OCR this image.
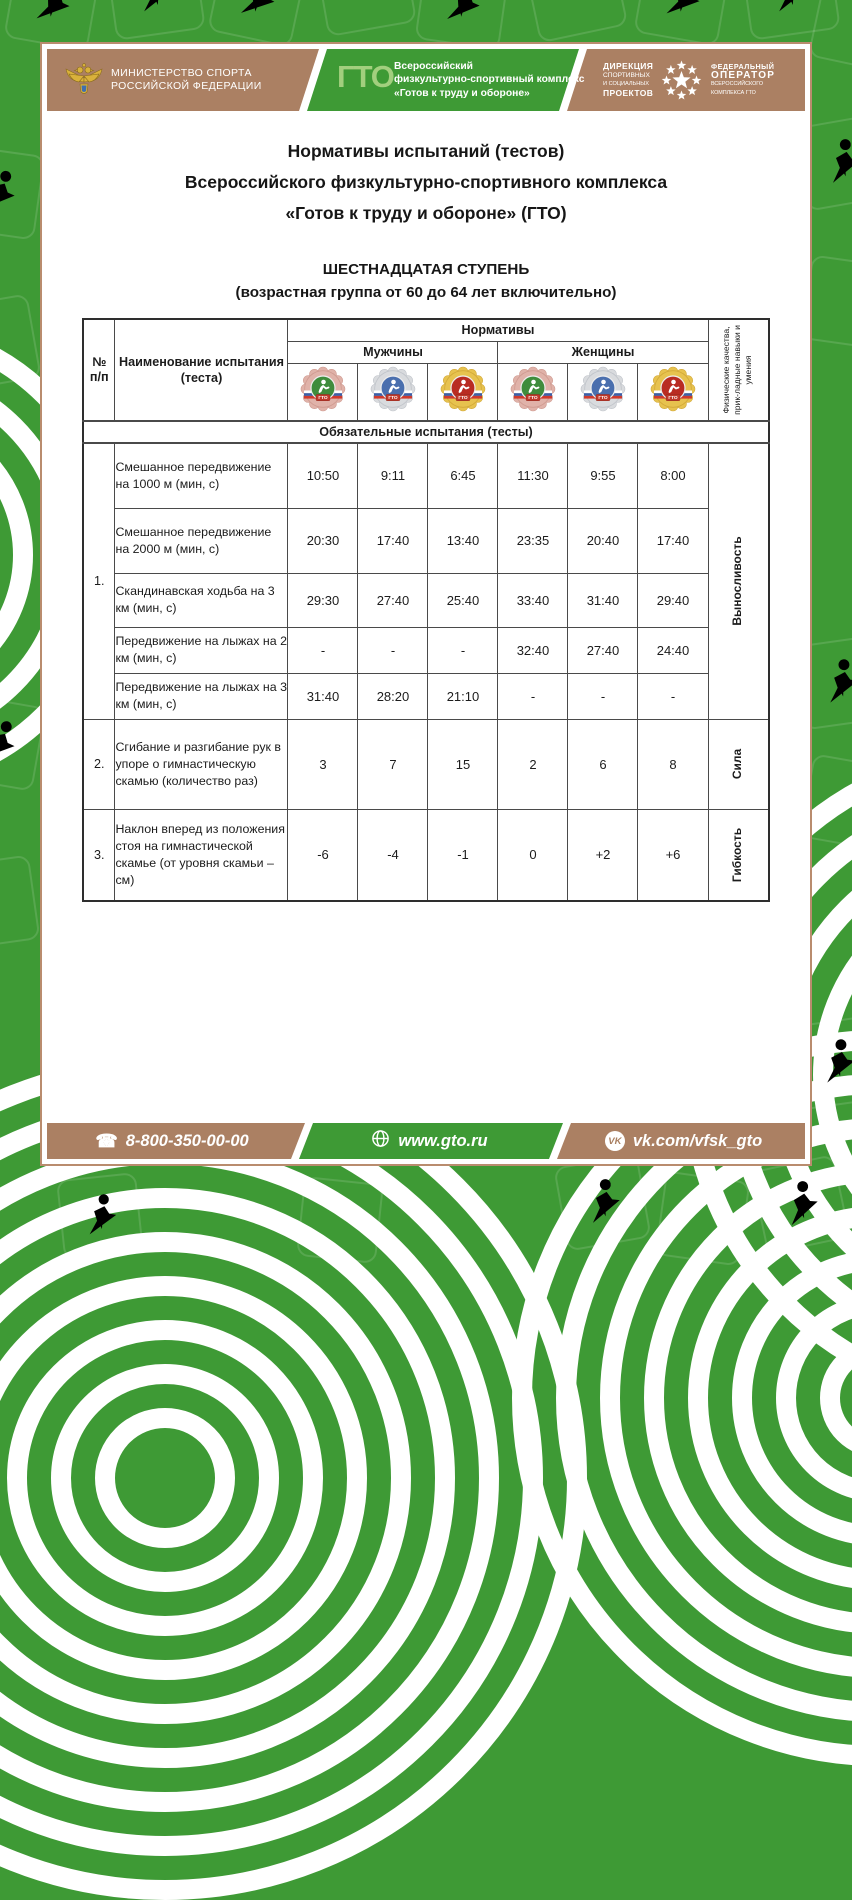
МИНИСТЕРСТВО СПОРТА
РОССИЙСКОЙ ФЕДЕРАЦИИ ГТО Всероссийский
физкультурно-спортивный комплекс
«Готов к труду и обороне»
ДИРЕКЦИЯ
СПОРТИВНЫХ
И СОЦИАЛЬНЫХ
ПРОЕКТОВ
ФЕДЕРАЛЬНЫЙ
ОПЕРАТОР
ВСЕРОССИЙСКОГО
КОМПЛЕКСА ГТО
Нормативы испытаний (тестов)
Всероссийского физкультурно-спортивного комплекса
«Готов к труду и обороне» (ГТО)
ШЕСТНАДЦАТАЯ СТУПЕНЬ
(возрастная группа от 60 до 64 лет включительно)
№
п/п

Наименование испытания
(теста)
	Нормативы	Физические качества, прик-ладные навыки и умения

		Мужчины			Женщины			

ГТО	ГТО	ГТО	ГТО	ГТО	ГТО	

Обязательные испытания (тесты)								
1.	Смешанное передвижение на 1000 м (мин, с)	10:50	9:11	6:45	11:30	9:55	8:00	Выносливость

	Смешанное передвижение на 2000 м (мин, с)	20:30	17:40	13:40	23:35	20:40	17:40	
	Скандинавская ходьба на 3 км (мин, с)	29:30	27:40	25:40	33:40	31:40	29:40	
	Передвижение на лыжах на 2 км (мин, с)	-	-	-	32:40	27:40	24:40	
	Передвижение на лыжах на 3 км (мин, с)	31:40	28:20	21:10	-	-	-	
2.	Сгибание и разгибание рук в упоре о гимнастическую скамью (количество раз)	3	7	15	2	6	8	Сила

3.	Наклон вперед из положения стоя на гимнастической скамье (от уровня скамьи – см)	-6	-4	-1	0	+2	+6	Гибкость
☎ 8-800-350-00-00	www.gto.ru	VK vk.com/vfsk_gto
